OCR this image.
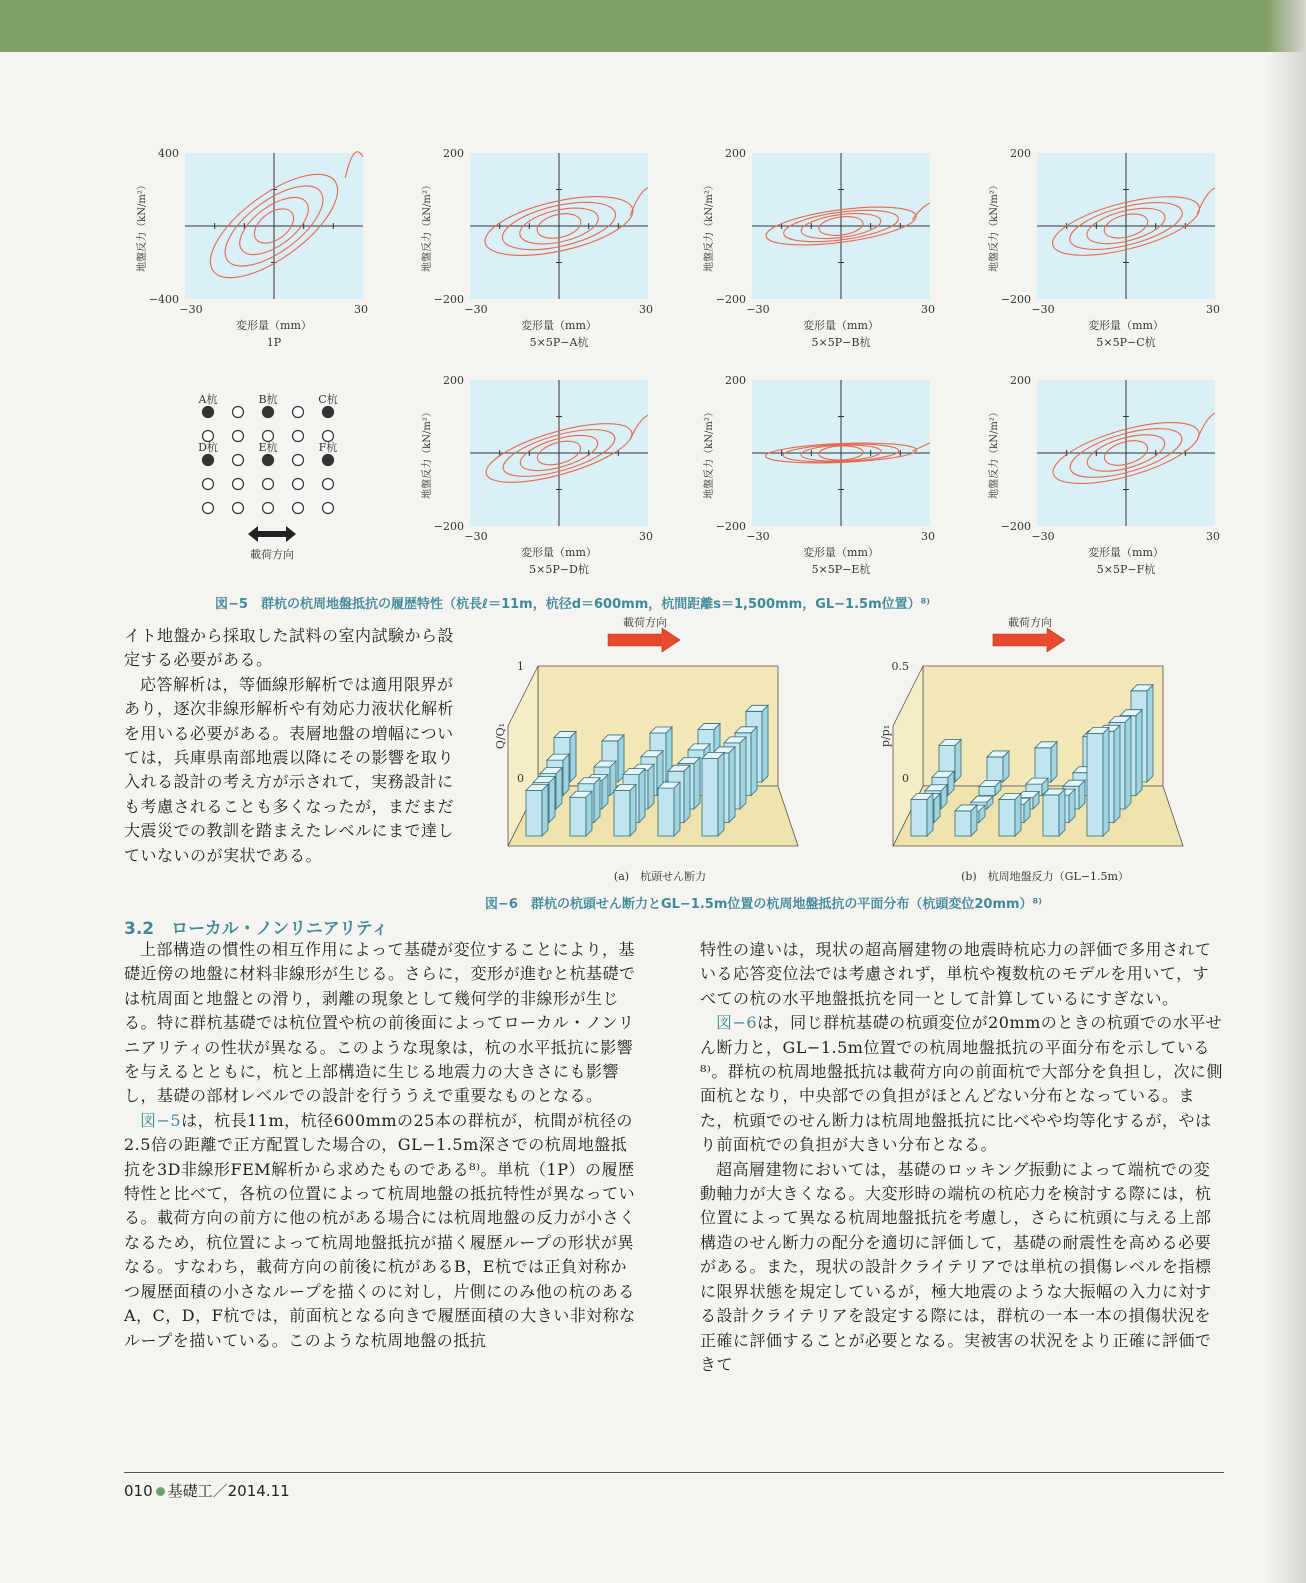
400
−400
−30	30
変形量（mm）
地盤反力（kN/m²）
1P
200
−200
−30	30
変形量（mm）
地盤反力（kN/m²）
5×5P−A杭
200
−200
−30	30
変形量（mm）
地盤反力（kN/m²）
5×5P−B杭
200
−200
−30	30
変形量（mm）
地盤反力（kN/m²）
5×5P−C杭
200
−200
−30	30
変形量（mm）
地盤反力（kN/m²）
5×5P−D杭
200
−200
−30	30
変形量（mm）
地盤反力（kN/m²）
5×5P−E杭
200
−200
−30	30
変形量（mm）
地盤反力（kN/m²）
5×5P−F杭
A杭	B杭	C杭
D杭	E杭	F杭
載荷方向
図−5　群杭の杭周地盤抵抗の履歴特性（杭長ℓ＝11m，杭径d＝600mm，杭間距離s＝1,500mm，GL−1.5m位置）⁸⁾
載荷方向
1
0
Q/Q₁
(a)　杭頭せん断力
載荷方向
0.5
0
p/p₁
(b)　杭周地盤反力（GL−1.5m）
図−6　群杭の杭頭せん断力とGL−1.5m位置の杭周地盤抵抗の平面分布（杭頭変位20mm）⁸⁾

イト地盤から採取した試料の室内試験から設定する必要がある。

応答解析は，等価線形解析では適用限界があり，逐次非線形解析や有効応力液状化解析を用いる必要がある。表層地盤の増幅については，兵庫県南部地震以降にその影響を取り入れる設計の考え方が示されて，実務設計にも考慮されることも多くなったが，まだまだ大震災での教訓を踏まえたレベルにまで達していないのが実状である。

3.2　ローカル・ノンリニアリティ

上部構造の慣性の相互作用によって基礎が変位することにより，基礎近傍の地盤に材料非線形が生じる。さらに，変形が進むと杭基礎では杭周面と地盤との滑り，剥離の現象として幾何学的非線形が生じる。特に群杭基礎では杭位置や杭の前後面によってローカル・ノンリニアリティの性状が異なる。このような現象は，杭の水平抵抗に影響を与えるとともに，杭と上部構造に生じる地震力の大きさにも影響し，基礎の部材レベルでの設計を行ううえで重要なものとなる。

図−5は，杭長11m，杭径600mmの25本の群杭が，杭間が杭径の2.5倍の距離で正方配置した場合の，GL−1.5m深さでの杭周地盤抵抗を3D非線形FEM解析から求めたものである⁸⁾。単杭（1P）の履歴特性と比べて，各杭の位置によって杭周地盤の抵抗特性が異なっている。載荷方向の前方に他の杭がある場合には杭周地盤の反力が小さくなるため，杭位置によって杭周地盤抵抗が描く履歴ループの形状が異なる。すなわち，載荷方向の前後に杭があるB，E杭では正負対称かつ履歴面積の小さなループを描くのに対し，片側にのみ他の杭のあるA，C，D，F杭では，前面杭となる向きで履歴面積の大きい非対称なループを描いている。このような杭周地盤の抵抗

特性の違いは，現状の超高層建物の地震時杭応力の評価で多用されている応答変位法では考慮されず，単杭や複数杭のモデルを用いて，すべての杭の水平地盤抵抗を同一として計算しているにすぎない。

図−6は，同じ群杭基礎の杭頭変位が20mmのときの杭頭での水平せん断力と，GL−1.5m位置での杭周地盤抵抗の平面分布を示している⁸⁾。群杭の杭周地盤抵抗は載荷方向の前面杭で大部分を負担し，次に側面杭となり，中央部での負担がほとんどない分布となっている。また，杭頭でのせん断力は杭周地盤抵抗に比べやや均等化するが，やはり前面杭での負担が大きい分布となる。

超高層建物においては，基礎のロッキング振動によって端杭での変動軸力が大きくなる。大変形時の端杭の杭応力を検討する際には，杭位置によって異なる杭周地盤抵抗を考慮し，さらに杭頭に与える上部構造のせん断力の配分を適切に評価して，基礎の耐震性を高める必要がある。また，現状の設計クライテリアでは単杭の損傷レベルを指標に限界状態を規定しているが，極大地震のような大振幅の入力に対する設計クライテリアを設定する際には，群杭の一本一本の損傷状況を正確に評価することが必要となる。実被害の状況をより正確に評価できて

010 基礎工／2014.11
